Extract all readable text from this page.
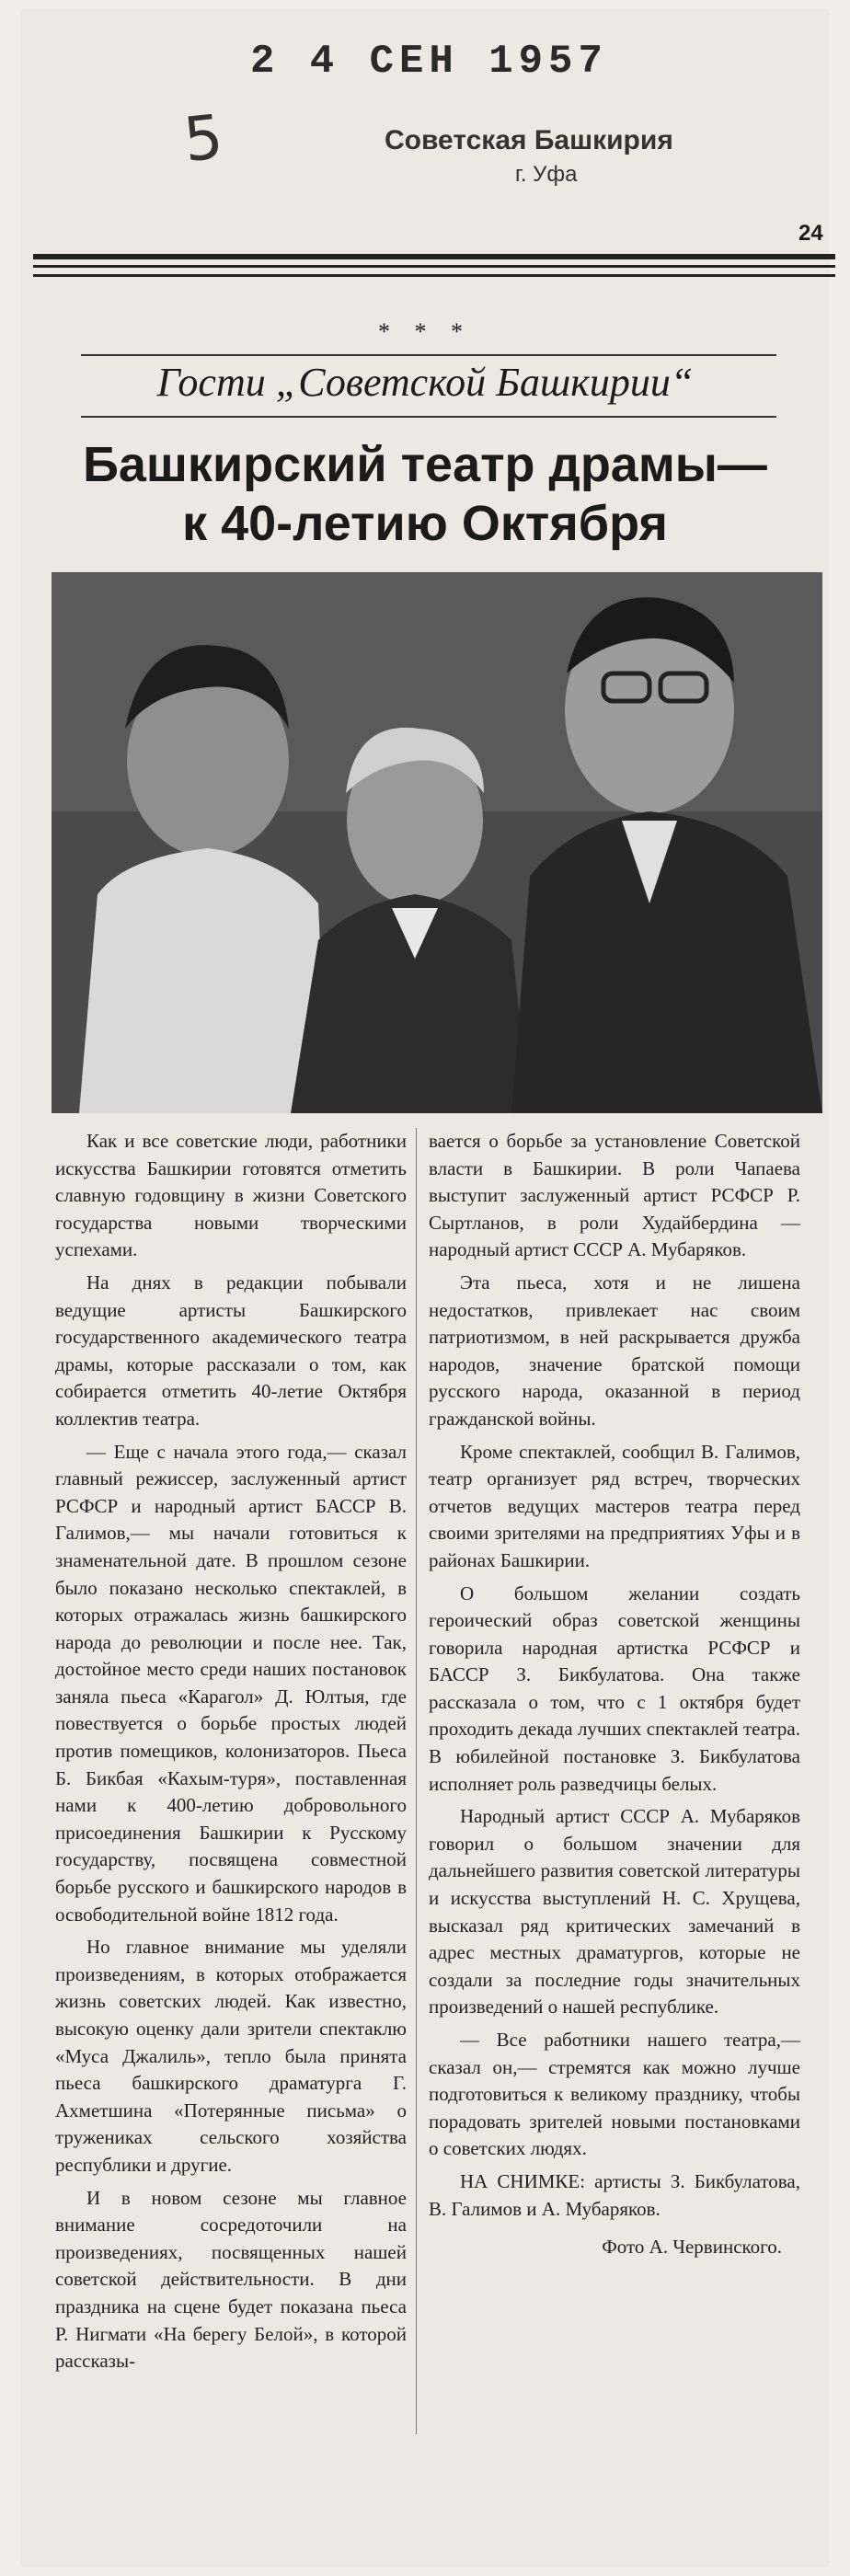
2 4 СЕН 1957
5	Советская Башкирия
г. Уфа
24
* * *
Гости „Советской Башкирии“
Башкирский театр драмы—
к 40-летию Октября

Как и все советские люди, работники искусства Башкирии готовятся отметить славную годовщину в жизни Советского государства новыми творческими успехами.

На днях в редакции побывали ведущие артисты Башкирского государственного академического театра драмы, которые рассказали о том, как собирается отметить 40-летие Октября коллектив театра.

— Еще с начала этого года,— сказал главный режиссер, заслуженный артист РСФСР и народный артист БАССР В. Галимов,— мы начали готовиться к знаменательной дате. В прошлом сезоне было показано несколько спектаклей, в которых отражалась жизнь башкирского народа до революции и после нее. Так, достойное место среди наших постановок заняла пьеса «Карагол» Д. Юлтыя, где повествуется о борьбе простых людей против помещиков, колонизаторов. Пьеса Б. Бикбая «Кахым-туря», поставленная нами к 400-летию добровольного присоединения Башкирии к Русскому государству, посвящена совместной борьбе русского и башкирского народов в освободительной войне 1812 года.

Но главное внимание мы уделяли произведениям, в которых отображается жизнь советских людей. Как известно, высокую оценку дали зрители спектаклю «Муса Джалиль», тепло была принята пьеса башкирского драматурга Г. Ахметшина «Потерянные письма» о тружениках сельского хозяйства республики и другие.

И в новом сезоне мы главное внимание сосредоточили на произведениях, посвященных нашей советской действительности. В дни праздника на сцене будет показана пьеса Р. Нигмати «На берегу Белой», в которой рассказы-

вается о борьбе за установление Советской власти в Башкирии. В роли Чапаева выступит заслуженный артист РСФСР Р. Сыртланов, в роли Худайбердина — народный артист СССР А. Мубаряков.

Эта пьеса, хотя и не лишена недостатков, привлекает нас своим патриотизмом, в ней раскрывается дружба народов, значение братской помощи русского народа, оказанной в период гражданской войны.

Кроме спектаклей, сообщил В. Галимов, театр организует ряд встреч, творческих отчетов ведущих мастеров театра перед своими зрителями на предприятиях Уфы и в районах Башкирии.

О большом желании создать героический образ советской женщины говорила народная артистка РСФСР и БАССР З. Бикбулатова. Она также рассказала о том, что с 1 октября будет проходить декада лучших спектаклей театра. В юбилейной постановке З. Бикбулатова исполняет роль разведчицы белых.

Народный артист СССР А. Мубаряков говорил о большом значении для дальнейшего развития советской литературы и искусства выступлений Н. С. Хрущева, высказал ряд критических замечаний в адрес местных драматургов, которые не создали за последние годы значительных произведений о нашей республике.

— Все работники нашего театра,— сказал он,— стремятся как можно лучше подготовиться к великому празднику, чтобы порадовать зрителей новыми постановками о советских людях.

НА СНИМКЕ: артисты З. Бикбулатова, В. Галимов и А. Мубаряков.

Фото А. Червинского.
